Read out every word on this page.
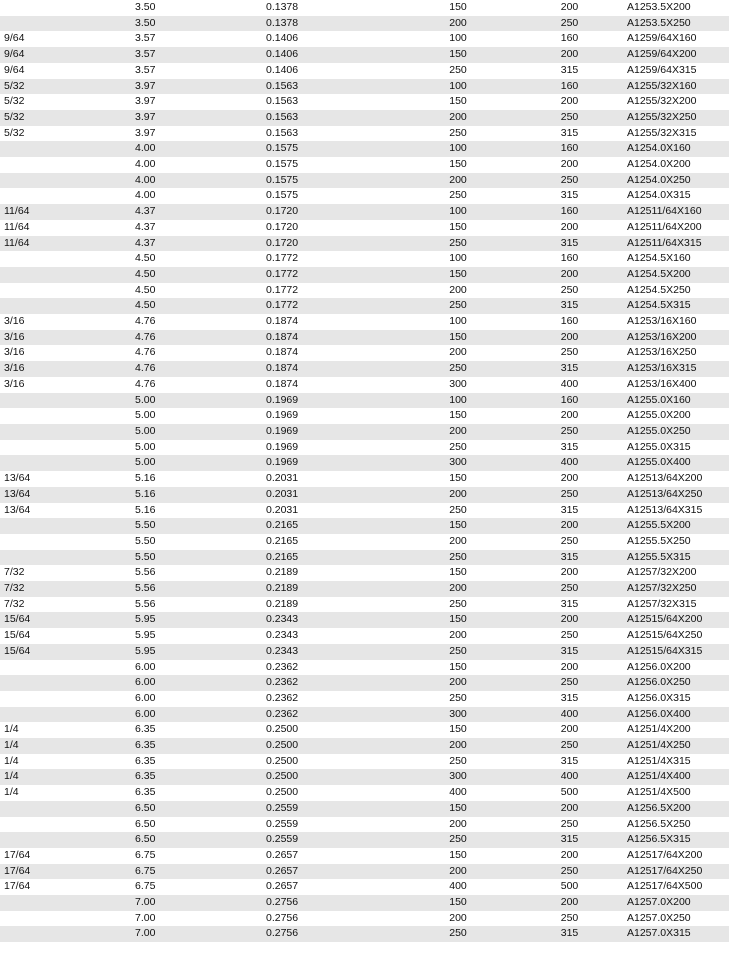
	3.50	0.1378	150	200	A1253.5X200
	3.50	0.1378	200	250	A1253.5X250
9/64	3.57	0.1406	100	160	A1259/64X160
9/64	3.57	0.1406	150	200	A1259/64X200
9/64	3.57	0.1406	250	315	A1259/64X315
5/32	3.97	0.1563	100	160	A1255/32X160
5/32	3.97	0.1563	150	200	A1255/32X200
5/32	3.97	0.1563	200	250	A1255/32X250
5/32	3.97	0.1563	250	315	A1255/32X315
	4.00	0.1575	100	160	A1254.0X160
	4.00	0.1575	150	200	A1254.0X200
	4.00	0.1575	200	250	A1254.0X250
	4.00	0.1575	250	315	A1254.0X315
11/64	4.37	0.1720	100	160	A12511/64X160
11/64	4.37	0.1720	150	200	A12511/64X200
11/64	4.37	0.1720	250	315	A12511/64X315
	4.50	0.1772	100	160	A1254.5X160
	4.50	0.1772	150	200	A1254.5X200
	4.50	0.1772	200	250	A1254.5X250
	4.50	0.1772	250	315	A1254.5X315
3/16	4.76	0.1874	100	160	A1253/16X160
3/16	4.76	0.1874	150	200	A1253/16X200
3/16	4.76	0.1874	200	250	A1253/16X250
3/16	4.76	0.1874	250	315	A1253/16X315
3/16	4.76	0.1874	300	400	A1253/16X400
	5.00	0.1969	100	160	A1255.0X160
	5.00	0.1969	150	200	A1255.0X200
	5.00	0.1969	200	250	A1255.0X250
	5.00	0.1969	250	315	A1255.0X315
	5.00	0.1969	300	400	A1255.0X400
13/64	5.16	0.2031	150	200	A12513/64X200
13/64	5.16	0.2031	200	250	A12513/64X250
13/64	5.16	0.2031	250	315	A12513/64X315
	5.50	0.2165	150	200	A1255.5X200
	5.50	0.2165	200	250	A1255.5X250
	5.50	0.2165	250	315	A1255.5X315
7/32	5.56	0.2189	150	200	A1257/32X200
7/32	5.56	0.2189	200	250	A1257/32X250
7/32	5.56	0.2189	250	315	A1257/32X315
15/64	5.95	0.2343	150	200	A12515/64X200
15/64	5.95	0.2343	200	250	A12515/64X250
15/64	5.95	0.2343	250	315	A12515/64X315
	6.00	0.2362	150	200	A1256.0X200
	6.00	0.2362	200	250	A1256.0X250
	6.00	0.2362	250	315	A1256.0X315
	6.00	0.2362	300	400	A1256.0X400
1/4	6.35	0.2500	150	200	A1251/4X200
1/4	6.35	0.2500	200	250	A1251/4X250
1/4	6.35	0.2500	250	315	A1251/4X315
1/4	6.35	0.2500	300	400	A1251/4X400
1/4	6.35	0.2500	400	500	A1251/4X500
	6.50	0.2559	150	200	A1256.5X200
	6.50	0.2559	200	250	A1256.5X250
	6.50	0.2559	250	315	A1256.5X315
17/64	6.75	0.2657	150	200	A12517/64X200
17/64	6.75	0.2657	200	250	A12517/64X250
17/64	6.75	0.2657	400	500	A12517/64X500
	7.00	0.2756	150	200	A1257.0X200
	7.00	0.2756	200	250	A1257.0X250
	7.00	0.2756	250	315	A1257.0X315
